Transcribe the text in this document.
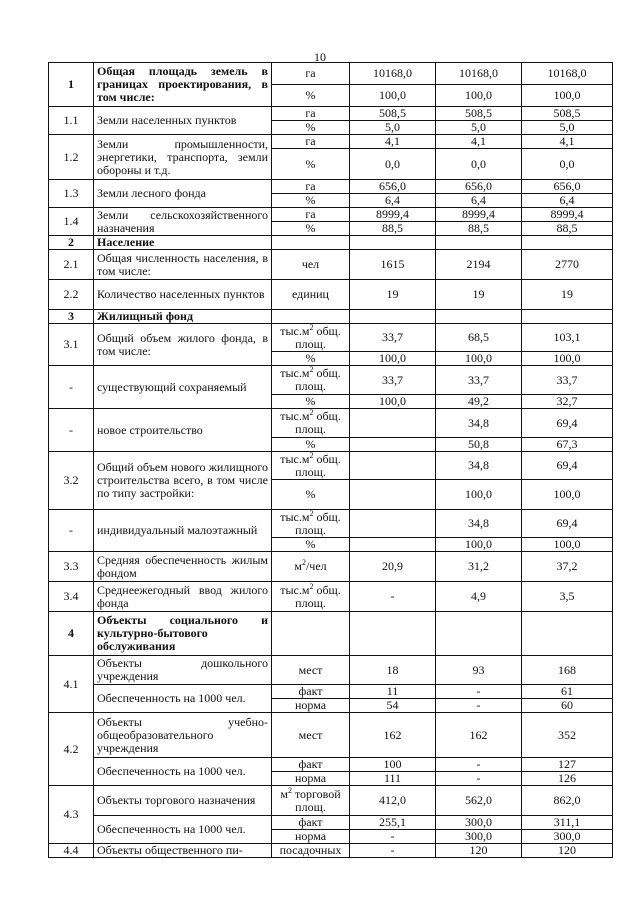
10
1	Общая площадь земель в границах проектирования, в том числе:	га	10168,0	10168,0	10168,0
		%	100,0	100,0	100,0
1.1	Земли населенных пунктов	га	508,5	508,5	508,5
		%	5,0	5,0	5,0
1.2	Земли промышленности, энергетики, транспорта, земли обороны и т.д.	га	4,1	4,1	4,1
		%	0,0	0,0	0,0
1.3	Земли лесного фонда	га	656,0	656,0	656,0
		%	6,4	6,4	6,4
1.4	Земли сельскохозяйственного назначения	га	8999,4	8999,4	8999,4
		%	88,5	88,5	88,5
2	Население				
2.1	Общая численность населения, в том числе:	чел	1615	2194	2770
2.2	Количество населенных пунктов	единиц	19	19	19
3	Жилищный фонд				
3.1	Общий объем жилого фонда, в том числе:	$тыс.м^2$ общ. площ.	33,7	68,5	103,1
		%	100,0	100,0	100,0
-	существующий сохраняемый	$тыс.м^2$ общ. площ.	33,7	33,7	33,7
		%	100,0	49,2	32,7
-	новое строительство	$тыс.м^2$ общ. площ.		34,8	69,4
		%		50,8	67,3
3.2	Общий объем нового жилищного строительства всего, в том числе по типу застройки:	$тыс.м^2$ общ. площ.		34,8	69,4
		%		100,0	100,0
-	индивидуальный малоэтажный	$тыс.м^2$ общ. площ.		34,8	69,4
		%		100,0	100,0
3.3	Средняя обеспеченность жилым фондом	$м^2$/чел	20,9	31,2	37,2
3.4	Среднеежегодный ввод жилого фонда	$тыс.м^2$ общ. площ.	-	4,9	3,5
4	Объекты социального и культурно-бытового обслуживания				
4.1	Объекты дошкольного учреждения	мест	18	93	168
	Обеспеченность на 1000 чел.	факт	11	-	61
		норма	54	-	60
4.2	Объекты учебно-общеобразовательного учреждения	мест	162	162	352
	Обеспеченность на 1000 чел.	факт	100	-	127
		норма	111	-	126
4.3	Объекты торгового назначения	$м^2$ торговой площ.	412,0	562,0	862,0
	Обеспеченность на 1000 чел.	факт	255,1	300,0	311,1
		норма	-	300,0	300,0
4.4	Объекты общественного пи-	посадочных	-	120	120
